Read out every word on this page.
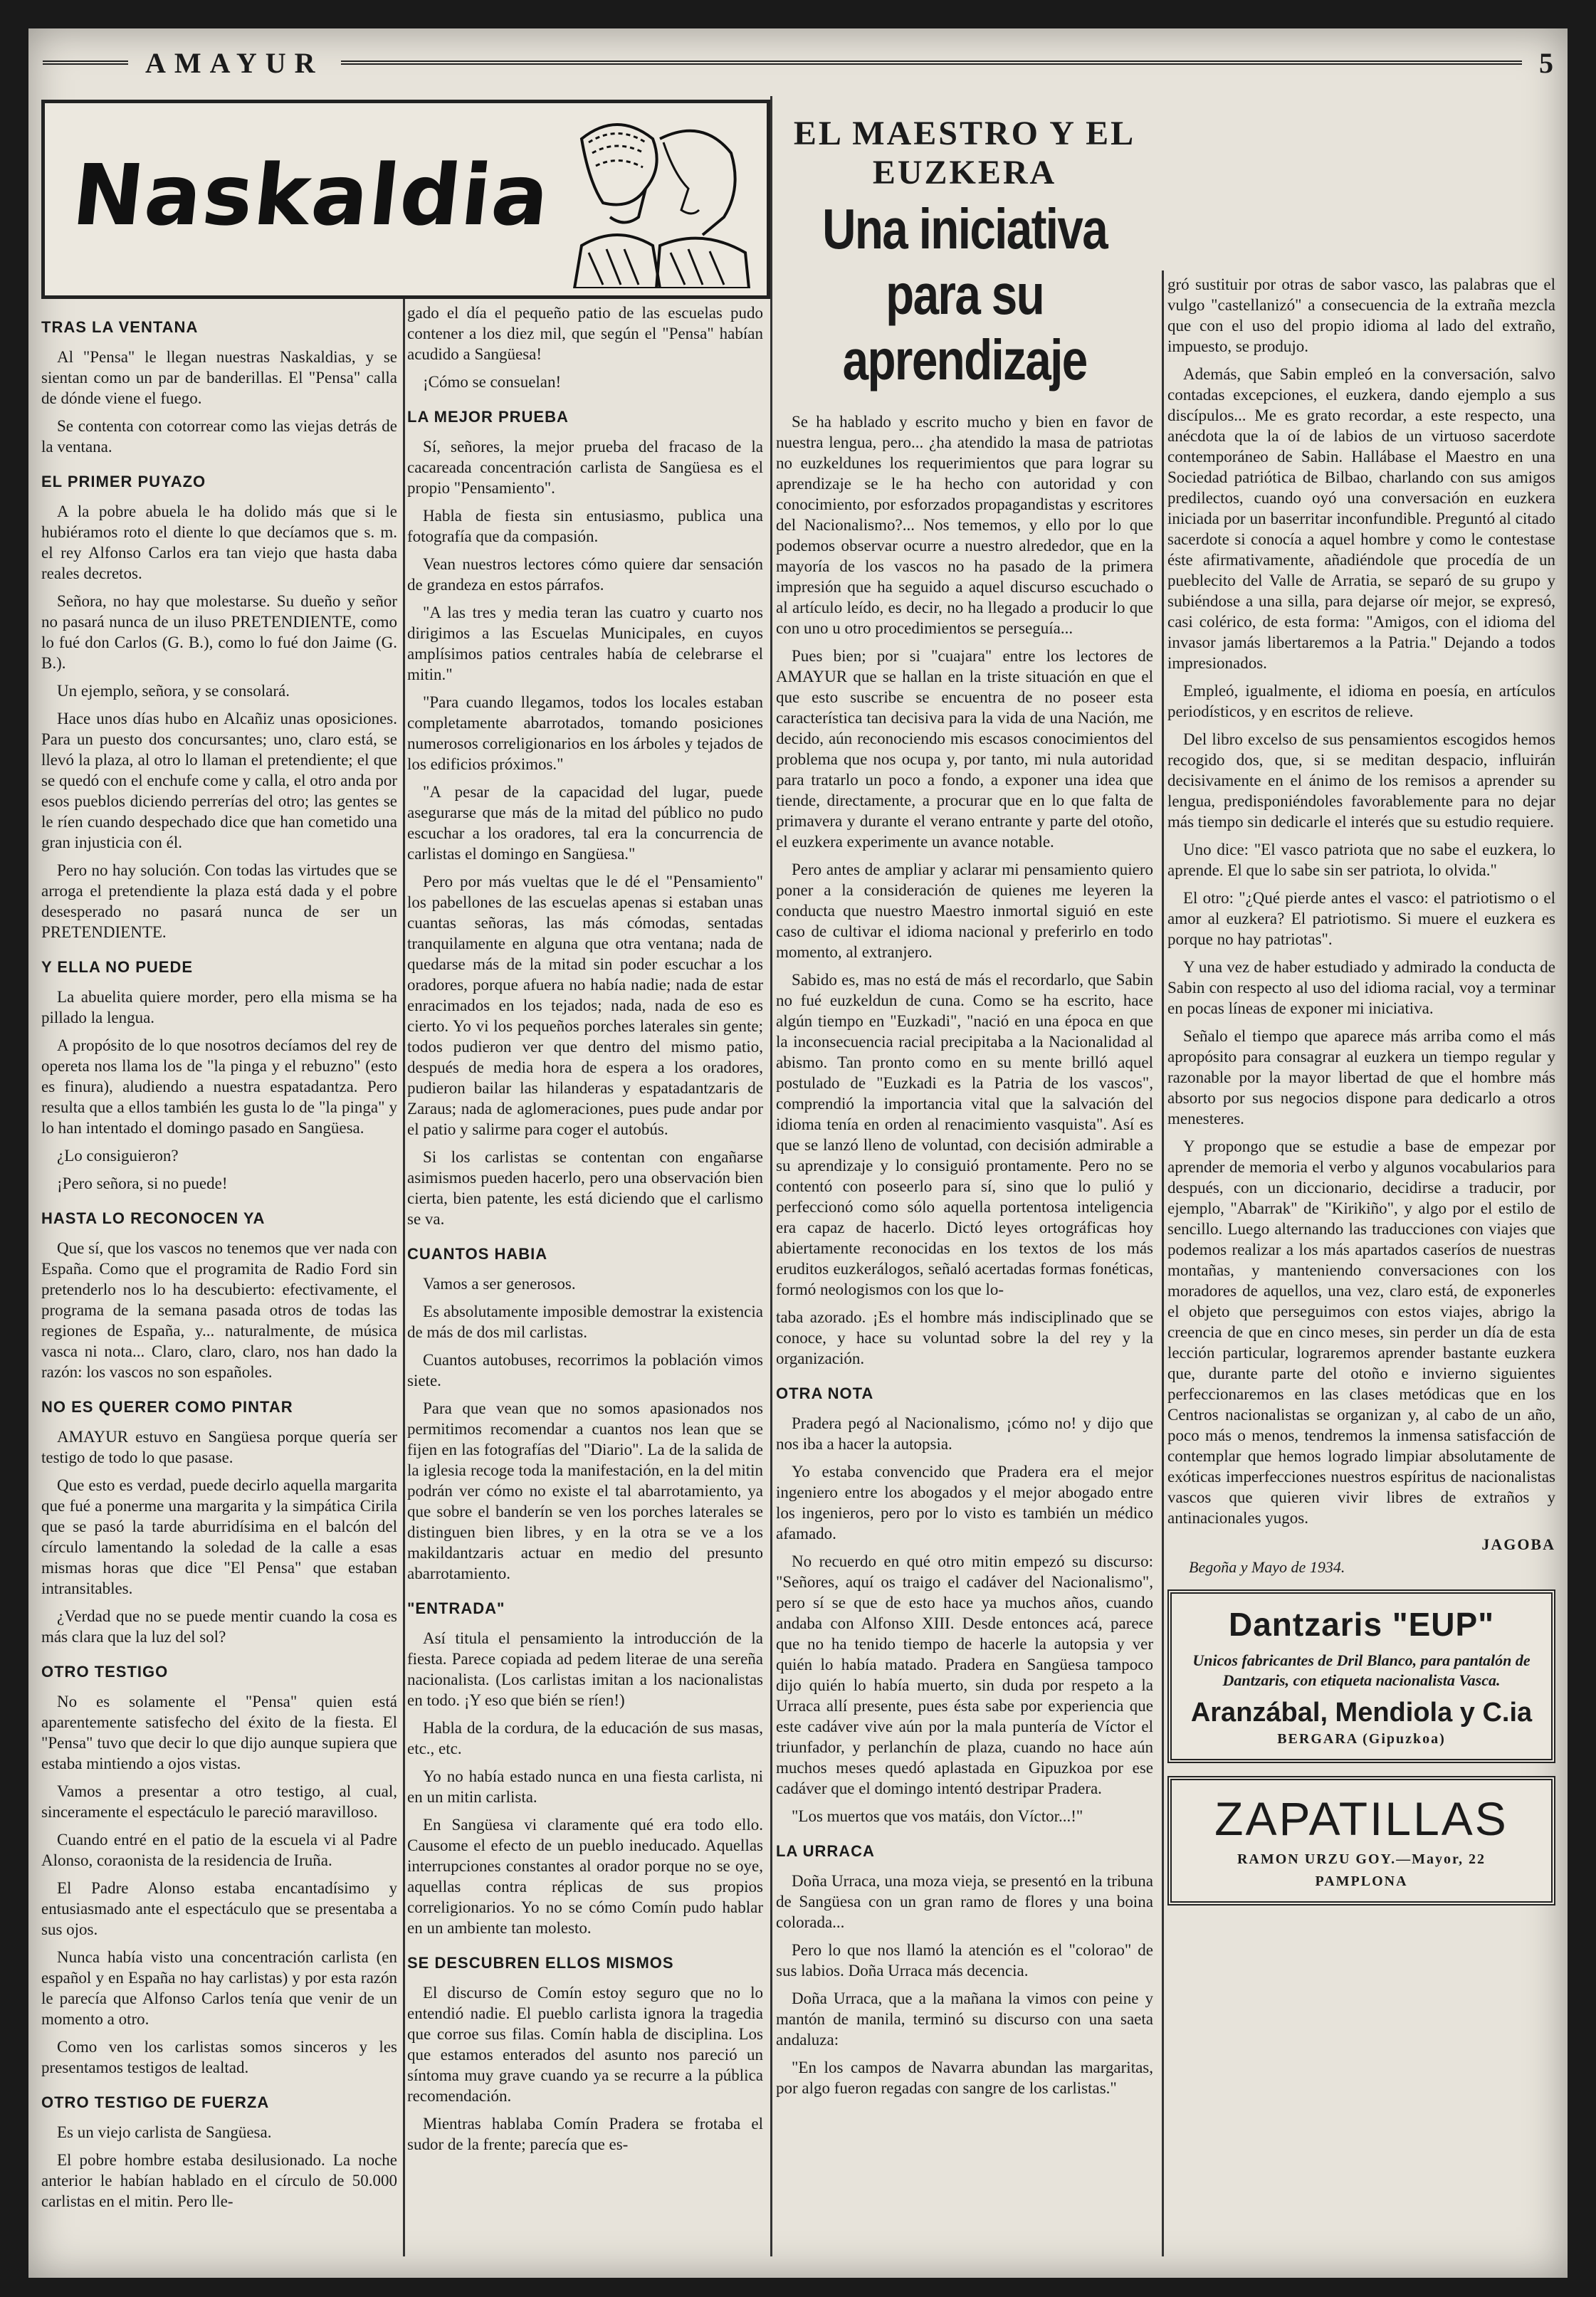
AMAYUR	5
Naskaldia
TRAS LA VENTANA

Al "Pensa" le llegan nuestras Naskaldias, y se sientan como un par de banderillas. El "Pensa" calla de dónde viene el fuego.

Se contenta con cotorrear como las viejas detrás de la ventana.

EL PRIMER PUYAZO

A la pobre abuela le ha dolido más que si le hubiéramos roto el diente lo que decíamos que s. m. el rey Alfonso Carlos era tan viejo que hasta daba reales decretos.

Señora, no hay que molestarse. Su dueño y señor no pasará nunca de un iluso PRETENDIENTE, como lo fué don Carlos (G. B.), como lo fué don Jaime (G. B.).

Un ejemplo, señora, y se consolará.

Hace unos días hubo en Alcañiz unas oposiciones. Para un puesto dos concursantes; uno, claro está, se llevó la plaza, al otro lo llaman el pretendiente; el que se quedó con el enchufe come y calla, el otro anda por esos pueblos diciendo perrerías del otro; las gentes se le ríen cuando despechado dice que han cometido una gran injusticia con él.

Pero no hay solución. Con todas las virtudes que se arroga el pretendiente la plaza está dada y el pobre desesperado no pasará nunca de ser un PRETENDIENTE.

Y ELLA NO PUEDE

La abuelita quiere morder, pero ella misma se ha pillado la lengua.

A propósito de lo que nosotros decíamos del rey de opereta nos llama los de "la pinga y el rebuzno" (esto es finura), aludiendo a nuestra espatadantza. Pero resulta que a ellos también les gusta lo de "la pinga" y lo han intentado el domingo pasado en Sangüesa.

¿Lo consiguieron?

¡Pero señora, si no puede!

HASTA LO RECONOCEN YA

Que sí, que los vascos no tenemos que ver nada con España. Como que el programita de Radio Ford sin pretenderlo nos lo ha descubierto: efectivamente, el programa de la semana pasada otros de todas las regiones de España, y... naturalmente, de música vasca ni nota... Claro, claro, claro, nos han dado la razón: los vascos no son españoles.

NO ES QUERER COMO PINTAR

AMAYUR estuvo en Sangüesa porque quería ser testigo de todo lo que pasase.

Que esto es verdad, puede decirlo aquella margarita que fué a ponerme una margarita y la simpática Cirila que se pasó la tarde aburridísima en el balcón del círculo lamentando la soledad de la calle a esas mismas horas que dice "El Pensa" que estaban intransitables.

¿Verdad que no se puede mentir cuando la cosa es más clara que la luz del sol?

OTRO TESTIGO

No es solamente el "Pensa" quien está aparentemente satisfecho del éxito de la fiesta. El "Pensa" tuvo que decir lo que dijo aunque supiera que estaba mintiendo a ojos vistas.

Vamos a presentar a otro testigo, al cual, sinceramente el espectáculo le pareció maravilloso.

Cuando entré en el patio de la escuela vi al Padre Alonso, coraonista de la residencia de Iruña.

El Padre Alonso estaba encantadísimo y entusiasmado ante el espectáculo que se presentaba a sus ojos.

Nunca había visto una concentración carlista (en español y en España no hay carlistas) y por esta razón le parecía que Alfonso Carlos tenía que venir de un momento a otro.

Como ven los carlistas somos sinceros y les presentamos testigos de lealtad.

OTRO TESTIGO DE FUERZA

Es un viejo carlista de Sangüesa.

El pobre hombre estaba desilusionado. La noche anterior le habían hablado en el círculo de 50.000 carlistas en el mitin. Pero lle-

gado el día el pequeño patio de las escuelas pudo contener a los diez mil, que según el "Pensa" habían acudido a Sangüesa!

¡Cómo se consuelan!

LA MEJOR PRUEBA

Sí, señores, la mejor prueba del fracaso de la cacareada concentración carlista de Sangüesa es el propio "Pensamiento".

Habla de fiesta sin entusiasmo, publica una fotografía que da compasión.

Vean nuestros lectores cómo quiere dar sensación de grandeza en estos párrafos.

"A las tres y media teran las cuatro y cuarto nos dirigimos a las Escuelas Municipales, en cuyos amplísimos patios centrales había de celebrarse el mitin."

"Para cuando llegamos, todos los locales estaban completamente abarrotados, tomando posiciones numerosos correligionarios en los árboles y tejados de los edificios próximos."

"A pesar de la capacidad del lugar, puede asegurarse que más de la mitad del público no pudo escuchar a los oradores, tal era la concurrencia de carlistas el domingo en Sangüesa."

Pero por más vueltas que le dé el "Pensamiento" los pabellones de las escuelas apenas si estaban unas cuantas señoras, las más cómodas, sentadas tranquilamente en alguna que otra ventana; nada de quedarse más de la mitad sin poder escuchar a los oradores, porque afuera no había nadie; nada de estar enracimados en los tejados; nada, nada de eso es cierto. Yo vi los pequeños porches laterales sin gente; todos pudieron ver que dentro del mismo patio, después de media hora de espera a los oradores, pudieron bailar las hilanderas y espatadantzaris de Zaraus; nada de aglomeraciones, pues pude andar por el patio y salirme para coger el autobús.

Si los carlistas se contentan con engañarse asimismos pueden hacerlo, pero una observación bien cierta, bien patente, les está diciendo que el carlismo se va.

CUANTOS HABIA

Vamos a ser generosos.

Es absolutamente imposible demostrar la existencia de más de dos mil carlistas.

Cuantos autobuses, recorrimos la población vimos siete.

Para que vean que no somos apasionados nos permitimos recomendar a cuantos nos lean que se fijen en las fotografías del "Diario". La de la salida de la iglesia recoge toda la manifestación, en la del mitin podrán ver cómo no existe el tal abarrotamiento, ya que sobre el banderín se ven los porches laterales se distinguen bien libres, y en la otra se ve a los makildantzaris actuar en medio del presunto abarrotamiento.

"ENTRADA"

Así titula el pensamiento la introducción de la fiesta. Parece copiada ad pedem literae de una sereña nacionalista. (Los carlistas imitan a los nacionalistas en todo. ¡Y eso que bién se ríen!)

Habla de la cordura, de la educación de sus masas, etc., etc.

Yo no había estado nunca en una fiesta carlista, ni en un mitin carlista.

En Sangüesa vi claramente qué era todo ello. Causome el efecto de un pueblo ineducado. Aquellas interrupciones constantes al orador porque no se oye, aquellas contra réplicas de sus propios correligionarios. Yo no se cómo Comín pudo hablar en un ambiente tan molesto.

SE DESCUBREN ELLOS MISMOS

El discurso de Comín estoy seguro que no lo entendió nadie. El pueblo carlista ignora la tragedia que corroe sus filas. Comín habla de disciplina. Los que estamos enterados del asunto nos pareció un síntoma muy grave cuando ya se recurre a la pública recomendación.

Mientras hablaba Comín Pradera se frotaba el sudor de la frente; parecía que es-

EL MAESTRO Y EL EUZKERA
Una iniciativa para su aprendizaje

Se ha hablado y escrito mucho y bien en favor de nuestra lengua, pero... ¿ha atendido la masa de patriotas no euzkeldunes los requerimientos que para lograr su aprendizaje se le ha hecho con autoridad y con conocimiento, por esforzados propagandistas y escritores del Nacionalismo?... Nos tememos, y ello por lo que podemos observar ocurre a nuestro alrededor, que en la mayoría de los vascos no ha pasado de la primera impresión que ha seguido a aquel discurso escuchado o al artículo leído, es decir, no ha llegado a producir lo que con uno u otro procedimientos se perseguía...

Pues bien; por si "cuajara" entre los lectores de AMAYUR que se hallan en la triste situación en que el que esto suscribe se encuentra de no poseer esta característica tan decisiva para la vida de una Nación, me decido, aún reconociendo mis escasos conocimientos del problema que nos ocupa y, por tanto, mi nula autoridad para tratarlo un poco a fondo, a exponer una idea que tiende, directamente, a procurar que en lo que falta de primavera y durante el verano entrante y parte del otoño, el euzkera experimente un avance notable.

Pero antes de ampliar y aclarar mi pensamiento quiero poner a la consideración de quienes me leyeren la conducta que nuestro Maestro inmortal siguió en este caso de cultivar el idioma nacional y preferirlo en todo momento, al extranjero.

Sabido es, mas no está de más el recordarlo, que Sabin no fué euzkeldun de cuna. Como se ha escrito, hace algún tiempo en "Euzkadi", "nació en una época en que la inconsecuencia racial precipitaba a la Nacionalidad al abismo. Tan pronto como en su mente brilló aquel postulado de "Euzkadi es la Patria de los vascos", comprendió la importancia vital que la salvación del idioma tenía en orden al renacimiento vasquista". Así es que se lanzó lleno de voluntad, con decisión admirable a su aprendizaje y lo consiguió prontamente. Pero no se contentó con poseerlo para sí, sino que lo pulió y perfeccionó como sólo aquella portentosa inteligencia era capaz de hacerlo. Dictó leyes ortográficas hoy abiertamente reconocidas en los textos de los más eruditos euzkerálogos, señaló acertadas formas fonéticas, formó neologismos con los que lo-

taba azorado. ¡Es el hombre más indisciplinado que se conoce, y hace su voluntad sobre la del rey y la organización.

OTRA NOTA

Pradera pegó al Nacionalismo, ¡cómo no! y dijo que nos iba a hacer la autopsia.

Yo estaba convencido que Pradera era el mejor ingeniero entre los abogados y el mejor abogado entre los ingenieros, pero por lo visto es también un médico afamado.

No recuerdo en qué otro mitin empezó su discurso: "Señores, aquí os traigo el cadáver del Nacionalismo", pero sí se que de esto hace ya muchos años, cuando andaba con Alfonso XIII. Desde entonces acá, parece que no ha tenido tiempo de hacerle la autopsia y ver quién lo había matado. Pradera en Sangüesa tampoco dijo quién lo había muerto, sin duda por respeto a la Urraca allí presente, pues ésta sabe por experiencia que este cadáver vive aún por la mala puntería de Víctor el triunfador, y perlanchín de plaza, cuando no hace aún muchos meses quedó aplastada en Gipuzkoa por ese cadáver que el domingo intentó destripar Pradera.

"Los muertos que vos matáis, don Víctor...!"

LA URRACA

Doña Urraca, una moza vieja, se presentó en la tribuna de Sangüesa con un gran ramo de flores y una boina colorada...

Pero lo que nos llamó la atención es el "colorao" de sus labios. Doña Urraca más decencia.

Doña Urraca, que a la mañana la vimos con peine y mantón de manila, terminó su discurso con una saeta andaluza:

"En los campos de Navarra abundan las margaritas, por algo fueron regadas con sangre de los carlistas."

gró sustituir por otras de sabor vasco, las palabras que el vulgo "castellanizó" a consecuencia de la extraña mezcla que con el uso del propio idioma al lado del extraño, impuesto, se produjo.

Además, que Sabin empleó en la conversación, salvo contadas excepciones, el euzkera, dando ejemplo a sus discípulos... Me es grato recordar, a este respecto, una anécdota que la oí de labios de un virtuoso sacerdote contemporáneo de Sabin. Hallábase el Maestro en una Sociedad patriótica de Bilbao, charlando con sus amigos predilectos, cuando oyó una conversación en euzkera iniciada por un baserritar inconfundible. Preguntó al citado sacerdote si conocía a aquel hombre y como le contestase éste afirmativamente, añadiéndole que procedía de un pueblecito del Valle de Arratia, se separó de su grupo y subiéndose a una silla, para dejarse oír mejor, se expresó, casi colérico, de esta forma: "Amigos, con el idioma del invasor jamás libertaremos a la Patria." Dejando a todos impresionados.

Empleó, igualmente, el idioma en poesía, en artículos periodísticos, y en escritos de relieve.

Del libro excelso de sus pensamientos escogidos hemos recogido dos, que, si se meditan despacio, influirán decisivamente en el ánimo de los remisos a aprender su lengua, predisponiéndoles favorablemente para no dejar más tiempo sin dedicarle el interés que su estudio requiere.

Uno dice: "El vasco patriota que no sabe el euzkera, lo aprende. El que lo sabe sin ser patriota, lo olvida."

El otro: "¿Qué pierde antes el vasco: el patriotismo o el amor al euzkera? El patriotismo. Si muere el euzkera es porque no hay patriotas".

Y una vez de haber estudiado y admirado la conducta de Sabin con respecto al uso del idioma racial, voy a terminar en pocas líneas de exponer mi iniciativa.

Señalo el tiempo que aparece más arriba como el más apropósito para consagrar al euzkera un tiempo regular y razonable por la mayor libertad de que el hombre más absorto por sus negocios dispone para dedicarlo a otros menesteres.

Y propongo que se estudie a base de empezar por aprender de memoria el verbo y algunos vocabularios para después, con un diccionario, decidirse a traducir, por ejemplo, "Abarrak" de "Kirikiño", y algo por el estilo de sencillo. Luego alternando las traducciones con viajes que podemos realizar a los más apartados caseríos de nuestras montañas, y manteniendo conversaciones con los moradores de aquellos, una vez, claro está, de exponerles el objeto que perseguimos con estos viajes, abrigo la creencia de que en cinco meses, sin perder un día de esta lección particular, lograremos aprender bastante euzkera que, durante parte del otoño e invierno siguientes perfeccionaremos en las clases metódicas que en los Centros nacionalistas se organizan y, al cabo de un año, poco más o menos, tendremos la inmensa satisfacción de contemplar que hemos logrado limpiar absolutamente de exóticas imperfecciones nuestros espíritus de nacionalistas vascos que quieren vivir libres de extraños y antinacionales yugos.

JAGOBA
Begoña y Mayo de 1934.
Dantzaris "EUP"
Unicos fabricantes de Dril Blanco, para pantalón de Dantzaris, con etiqueta nacionalista Vasca.
Aranzábal, Mendiola y C.ia
BERGARA (Gipuzkoa)
ZAPATILLAS
RAMON URZU GOY.—Mayor, 22
PAMPLONA
